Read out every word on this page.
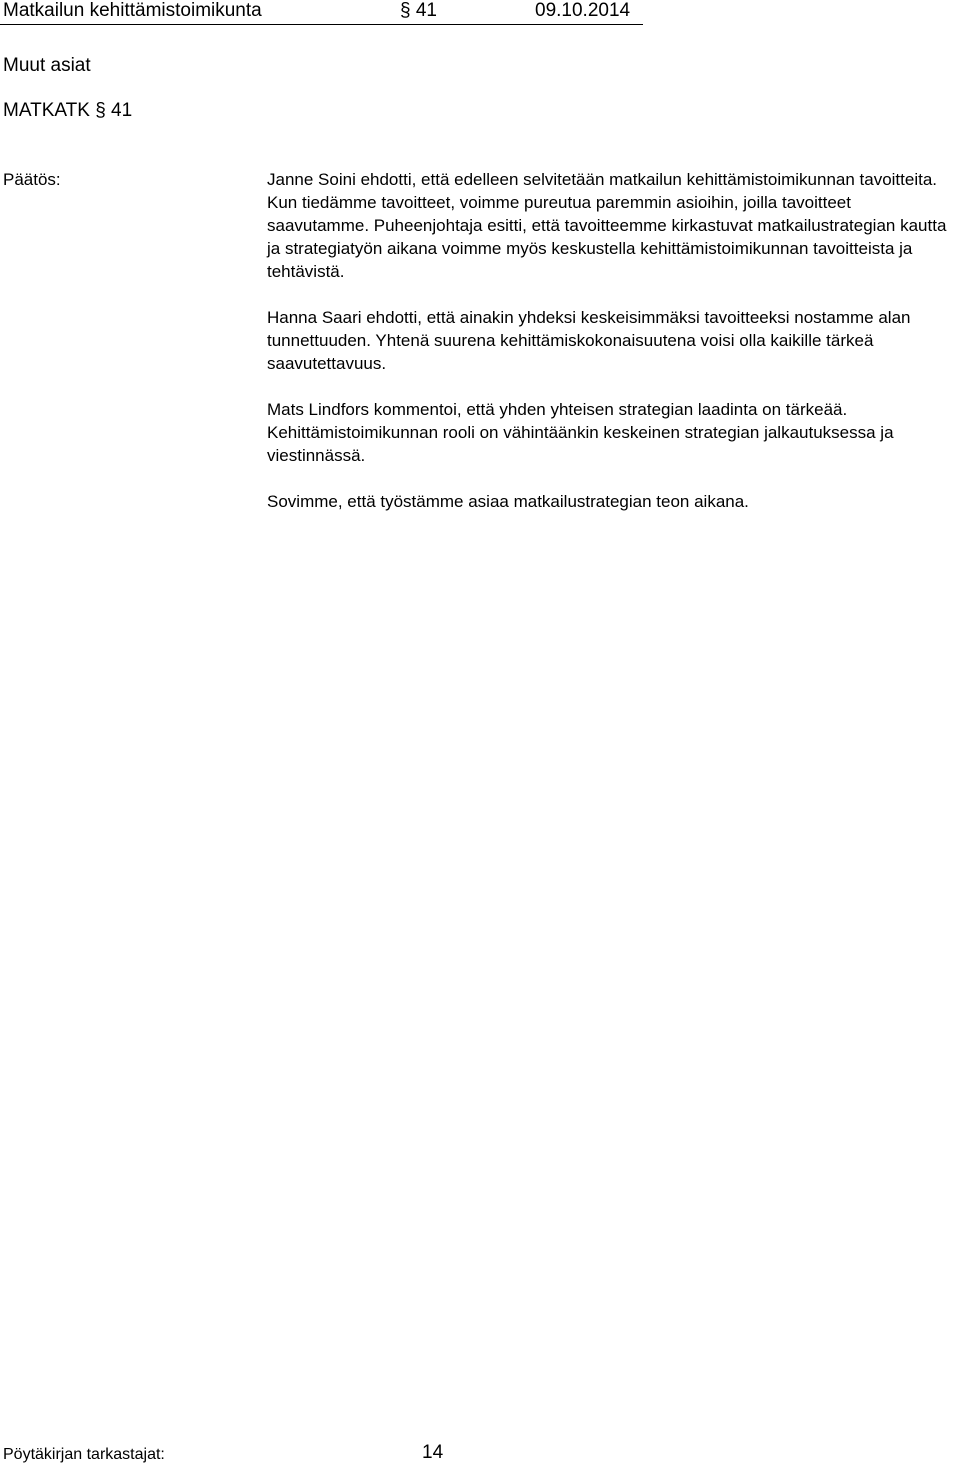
Matkailun kehittämistoimikunta	§ 41	09.10.2014
Muut asiat
MATKATK § 41
Päätös:	Janne Soini ehdotti, että edelleen selvitetään matkailun kehittämistoimikunnan tavoitteita. Kun tiedämme tavoitteet, voimme pureutua paremmin asioihin, joilla tavoitteet saavutamme. Puheenjohtaja esitti, että tavoitteemme kirkastuvat matkailustrategian kautta ja strategiatyön aikana voimme myös keskustella kehittämistoimikunnan tavoitteista ja tehtävistä.

Hanna Saari ehdotti, että ainakin yhdeksi keskeisimmäksi tavoitteeksi nostamme alan tunnettuuden. Yhtenä suurena kehittämiskokonaisuutena voisi olla kaikille tärkeä saavutettavuus.

Mats Lindfors kommentoi, että yhden yhteisen strategian laadinta on tärkeää. Kehittämistoimikunnan rooli on vähintäänkin keskeinen strategian jalkautuksessa ja viestinnässä.

Sovimme, että työstämme asiaa matkailustrategian teon aikana.

Pöytäkirjan tarkastajat:	14
